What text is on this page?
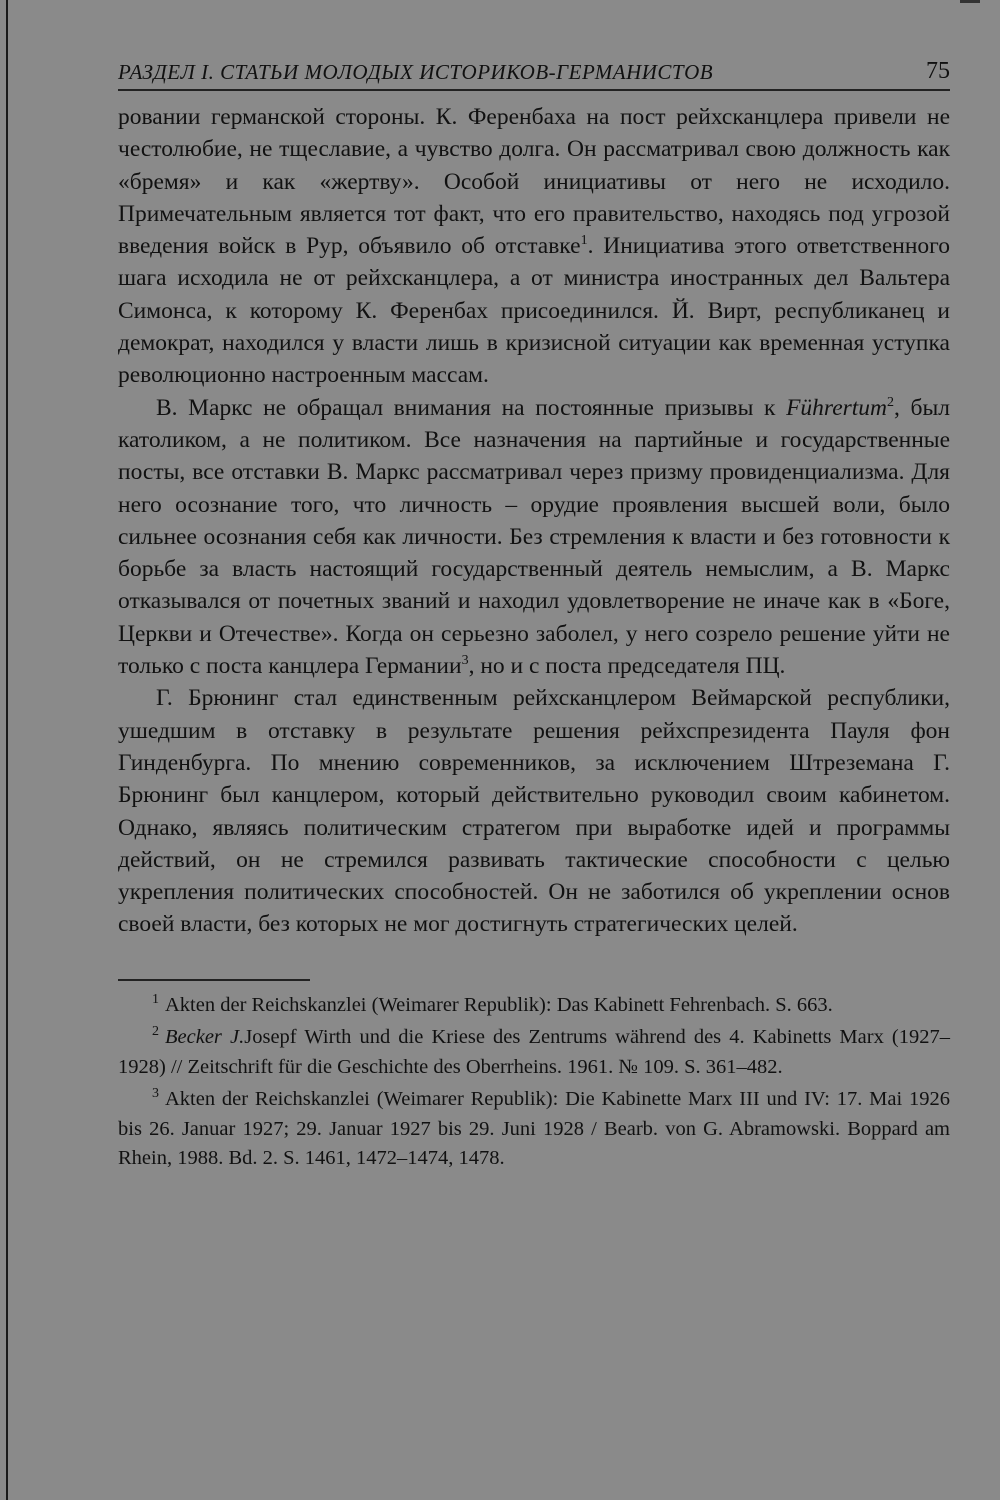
РАЗДЕЛ I. СТАТЬИ МОЛОДЫХ ИСТОРИКОВ-ГЕРМАНИСТОВ	75

ровании германской стороны. К. Ференбаха на пост рейхсканцлера привели не честолюбие, не тщеславие, а чувство долга. Он рассматривал свою должность как «бремя» и как «жертву». Особой инициативы от него не исходило. Примечательным является тот факт, что его правительство, находясь под угрозой введения войск в Рур, объявило об отставке$^1$. Инициатива этого ответственного шага исходила не от рейхсканцлера, а от министра иностранных дел Вальтера Симонса, к которому К. Ференбах присоединился. Й. Вирт, республиканец и демократ, находился у власти лишь в кризисной ситуации как временная уступка революционно настроенным массам.

В. Маркс не обращал внимания на постоянные призывы к Führertum$^2$, был католиком, а не политиком. Все назначения на партийные и государственные посты, все отставки В. Маркс рассматривал через призму провиденциализма. Для него осознание того, что личность – орудие проявления высшей воли, было сильнее осознания себя как личности. Без стремления к власти и без готовности к борьбе за власть настоящий государственный деятель немыслим, а В. Маркс отказывался от почетных званий и находил удовлетворение не иначе как в «Боге, Церкви и Отечестве». Когда он серьезно заболел, у него созрело решение уйти не только с поста канцлера Германии$^3$, но и с поста председателя ПЦ.

Г. Брюнинг стал единственным рейхсканцлером Веймарской республики, ушедшим в отставку в результате решения рейхспрезидента Пауля фон Гинденбурга. По мнению современников, за исключением Штреземана Г. Брюнинг был канцлером, который действительно руководил своим кабинетом. Однако, являясь политическим стратегом при выработке идей и программы действий, он не стремился развивать тактические способности с целью укрепления политических способностей. Он не заботился об укреплении основ своей власти, без которых не мог достигнуть стратегических целей.

$^1$ Akten der Reichskanzlei (Weimarer Republik): Das Kabinett Fehrenbach. S. 663.

$^2$ Becker J.Josepf Wirth und die Kriese des Zentrums während des 4. Kabinetts Marx (1927–1928) // Zeitschrift für die Geschichte des Oberrheins. 1961. № 109. S. 361–482.

$^3$ Akten der Reichskanzlei (Weimarer Republik): Die Kabinette Marx III und IV: 17. Mai 1926 bis 26. Januar 1927; 29. Januar 1927 bis 29. Juni 1928 / Bearb. von G. Abramowski. Boppard am Rhein, 1988. Bd. 2. S. 1461, 1472–1474, 1478.
